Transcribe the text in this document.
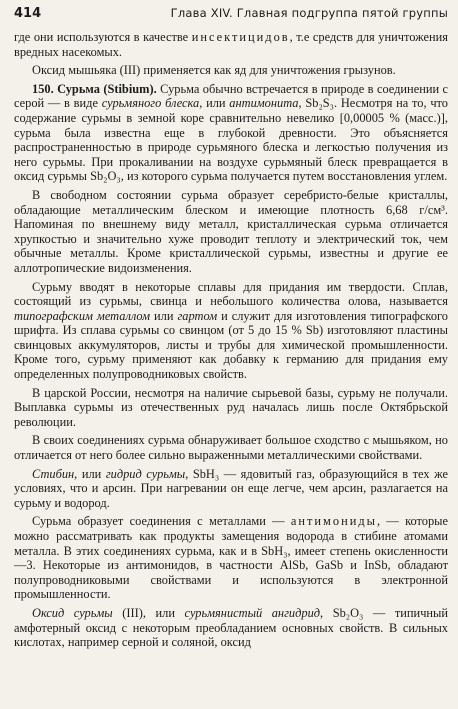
414	Глава XIV. Главная подгруппа пятой группы

где они используются в качестве инсектицидов, т.е средств для уничтожения вредных насекомых.

Оксид мышьяка (III) применяется как яд для уничтожения грызунов.

150. Сурьма (Stibium). Сурьма обычно встречается в природе в соединении с серой — в виде сурьмяного блеска, или антимонита, Sb₂S₃. Несмотря на то, что содержание сурьмы в земной коре сравнительно невелико [0,00005 % (масс.)], сурьма была известна еще в глубокой древности. Это объясняется распространенностью в природе сурьмяного блеска и легкостью получения из него сурьмы. При прокаливании на воздухе сурьмяный блеск превращается в оксид сурьмы Sb₂O₃, из которого сурьма получается путем восстановления углем.

В свободном состоянии сурьма образует серебристо-белые кристаллы, обладающие металлическим блеском и имеющие плотность 6,68 г/см³. Напоминая по внешнему виду металл, кристаллическая сурьма отличается хрупкостью и значительно хуже проводит теплоту и электрический ток, чем обычные металлы. Кроме кристаллической сурьмы, известны и другие ее аллотропические видоизменения.

Сурьму вводят в некоторые сплавы для придания им твердости. Сплав, состоящий из сурьмы, свинца и небольшого количества олова, называется типографским металлом или гартом и служит для изготовления типографского шрифта. Из сплава сурьмы со свинцом (от 5 до 15 % Sb) изготовляют пластины свинцовых аккумуляторов, листы и трубы для химической промышленности. Кроме того, сурьму применяют как добавку к германию для придания ему определенных полупроводниковых свойств.

В царской России, несмотря на наличие сырьевой базы, сурьму не получали. Выплавка сурьмы из отечественных руд началась лишь после Октябрьской революции.

В своих соединениях сурьма обнаруживает большое сходство с мышьяком, но отличается от него более сильно выраженными металлическими свойствами.

Стибин, или гидрид сурьмы, SbH₃ — ядовитый газ, образующийся в тех же условиях, что и арсин. При нагревании он еще легче, чем арсин, разлагается на сурьму и водород.

Сурьма образует соединения с металлами — антимониды, — которые можно рассматривать как продукты замещения водорода в стибине атомами металла. В этих соединениях сурьма, как и в SbH₃, имеет степень окисленности —3. Некоторые из антимонидов, в частности AlSb, GaSb и InSb, обладают полупроводниковыми свойствами и используются в электронной промышленности.

Оксид сурьмы (III), или сурьмянистый ангидрид, Sb₂O₃ — типичный амфотерный оксид с некоторым преобладанием основных свойств. В сильных кислотах, например серной и соляной, оксид
